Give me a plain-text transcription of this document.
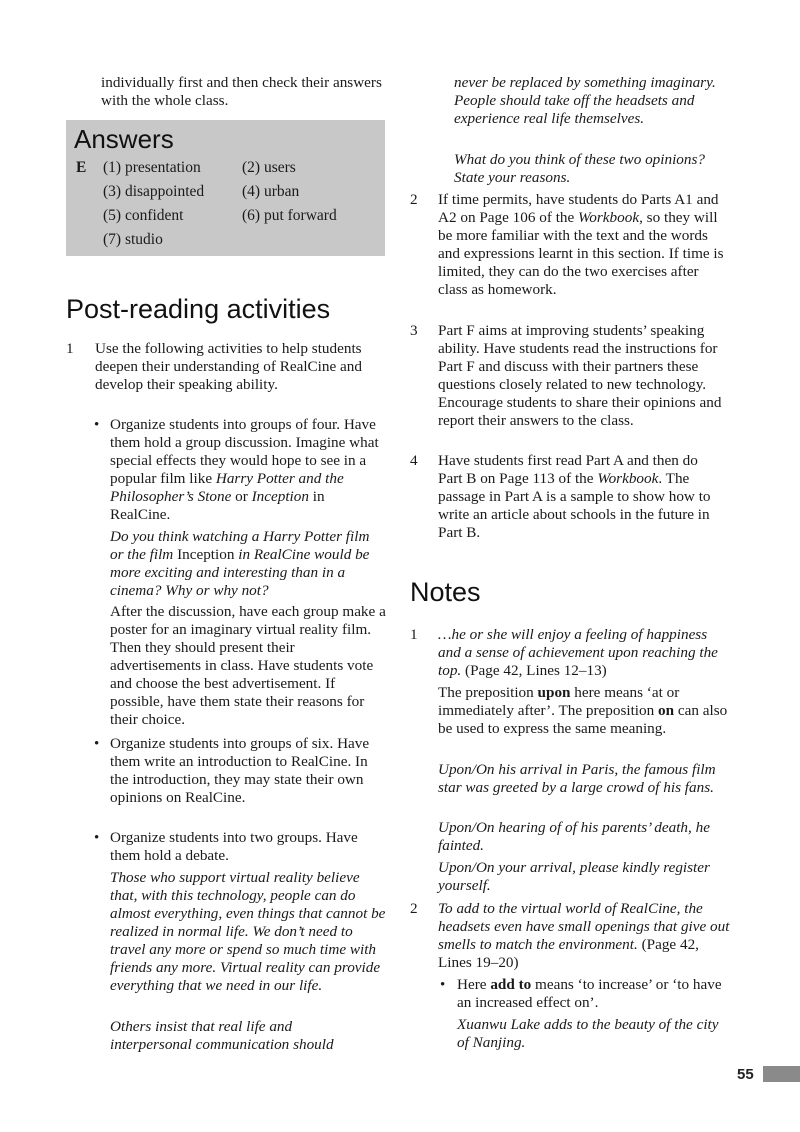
individually first and then check their answers with the whole class.
Answers
E (1) presentation	(2) users
(3) disappointed (4) urban
(5) confident	(6) put forward
(7) studio
Post-reading activities
1 Use the following activities to help students deepen their understanding of RealCine and develop their speaking ability.
• Organize students into groups of four. Have them hold a group discussion. Imagine what special effects they would hope to see in a popular film like Harry Potter and the Philosopher’s Stone or Inception in RealCine.
Do you think watching a Harry Potter film or the film Inception in RealCine would be more exciting and interesting than in a cinema? Why or why not?
After the discussion, have each group make a poster for an imaginary virtual reality film. Then they should present their advertisements in class. Have students vote and choose the best advertisement. If possible, have them state their reasons for their choice.
• Organize students into groups of six. Have them write an introduction to RealCine. In the introduction, they may state their own opinions on RealCine.
• Organize students into two groups. Have them hold a debate.
Those who support virtual reality believe that, with this technology, people can do almost everything, even things that cannot be realized in normal life. We don’t need to travel any more or spend so much time with friends any more. Virtual reality can provide everything that we need in our life.
Others insist that real life and interpersonal communication should
never be replaced by something imaginary. People should take off the headsets and experience real life themselves.
What do you think of these two opinions? State your reasons.
2 If time permits, have students do Parts A1 and A2 on Page 106 of the Workbook, so they will be more familiar with the text and the words and expressions learnt in this section. If time is limited, they can do the two exercises after class as homework.
3 Part F aims at improving students’ speaking ability. Have students read the instructions for Part F and discuss with their partners these questions closely related to new technology. Encourage students to share their opinions and report their answers to the class.
4 Have students first read Part A and then do Part B on Page 113 of the Workbook. The passage in Part A is a sample to show how to write an article about schools in the future in Part B.
Notes
1 …he or she will enjoy a feeling of happiness and a sense of achievement upon reaching the top. (Page 42, Lines 12–13)
The preposition upon here means ‘at or immediately after’. The preposition on can also be used to express the same meaning.
Upon/On his arrival in Paris, the famous film star was greeted by a large crowd of his fans.
Upon/On hearing of of his parents’ death, he fainted.
Upon/On your arrival, please kindly register yourself.
2 To add to the virtual world of RealCine, the headsets even have small openings that give out smells to match the environment. (Page 42, Lines 19–20)
• Here add to means ‘to increase’ or ‘to have an increased effect on’.
Xuanwu Lake adds to the beauty of the city of Nanjing.
55
